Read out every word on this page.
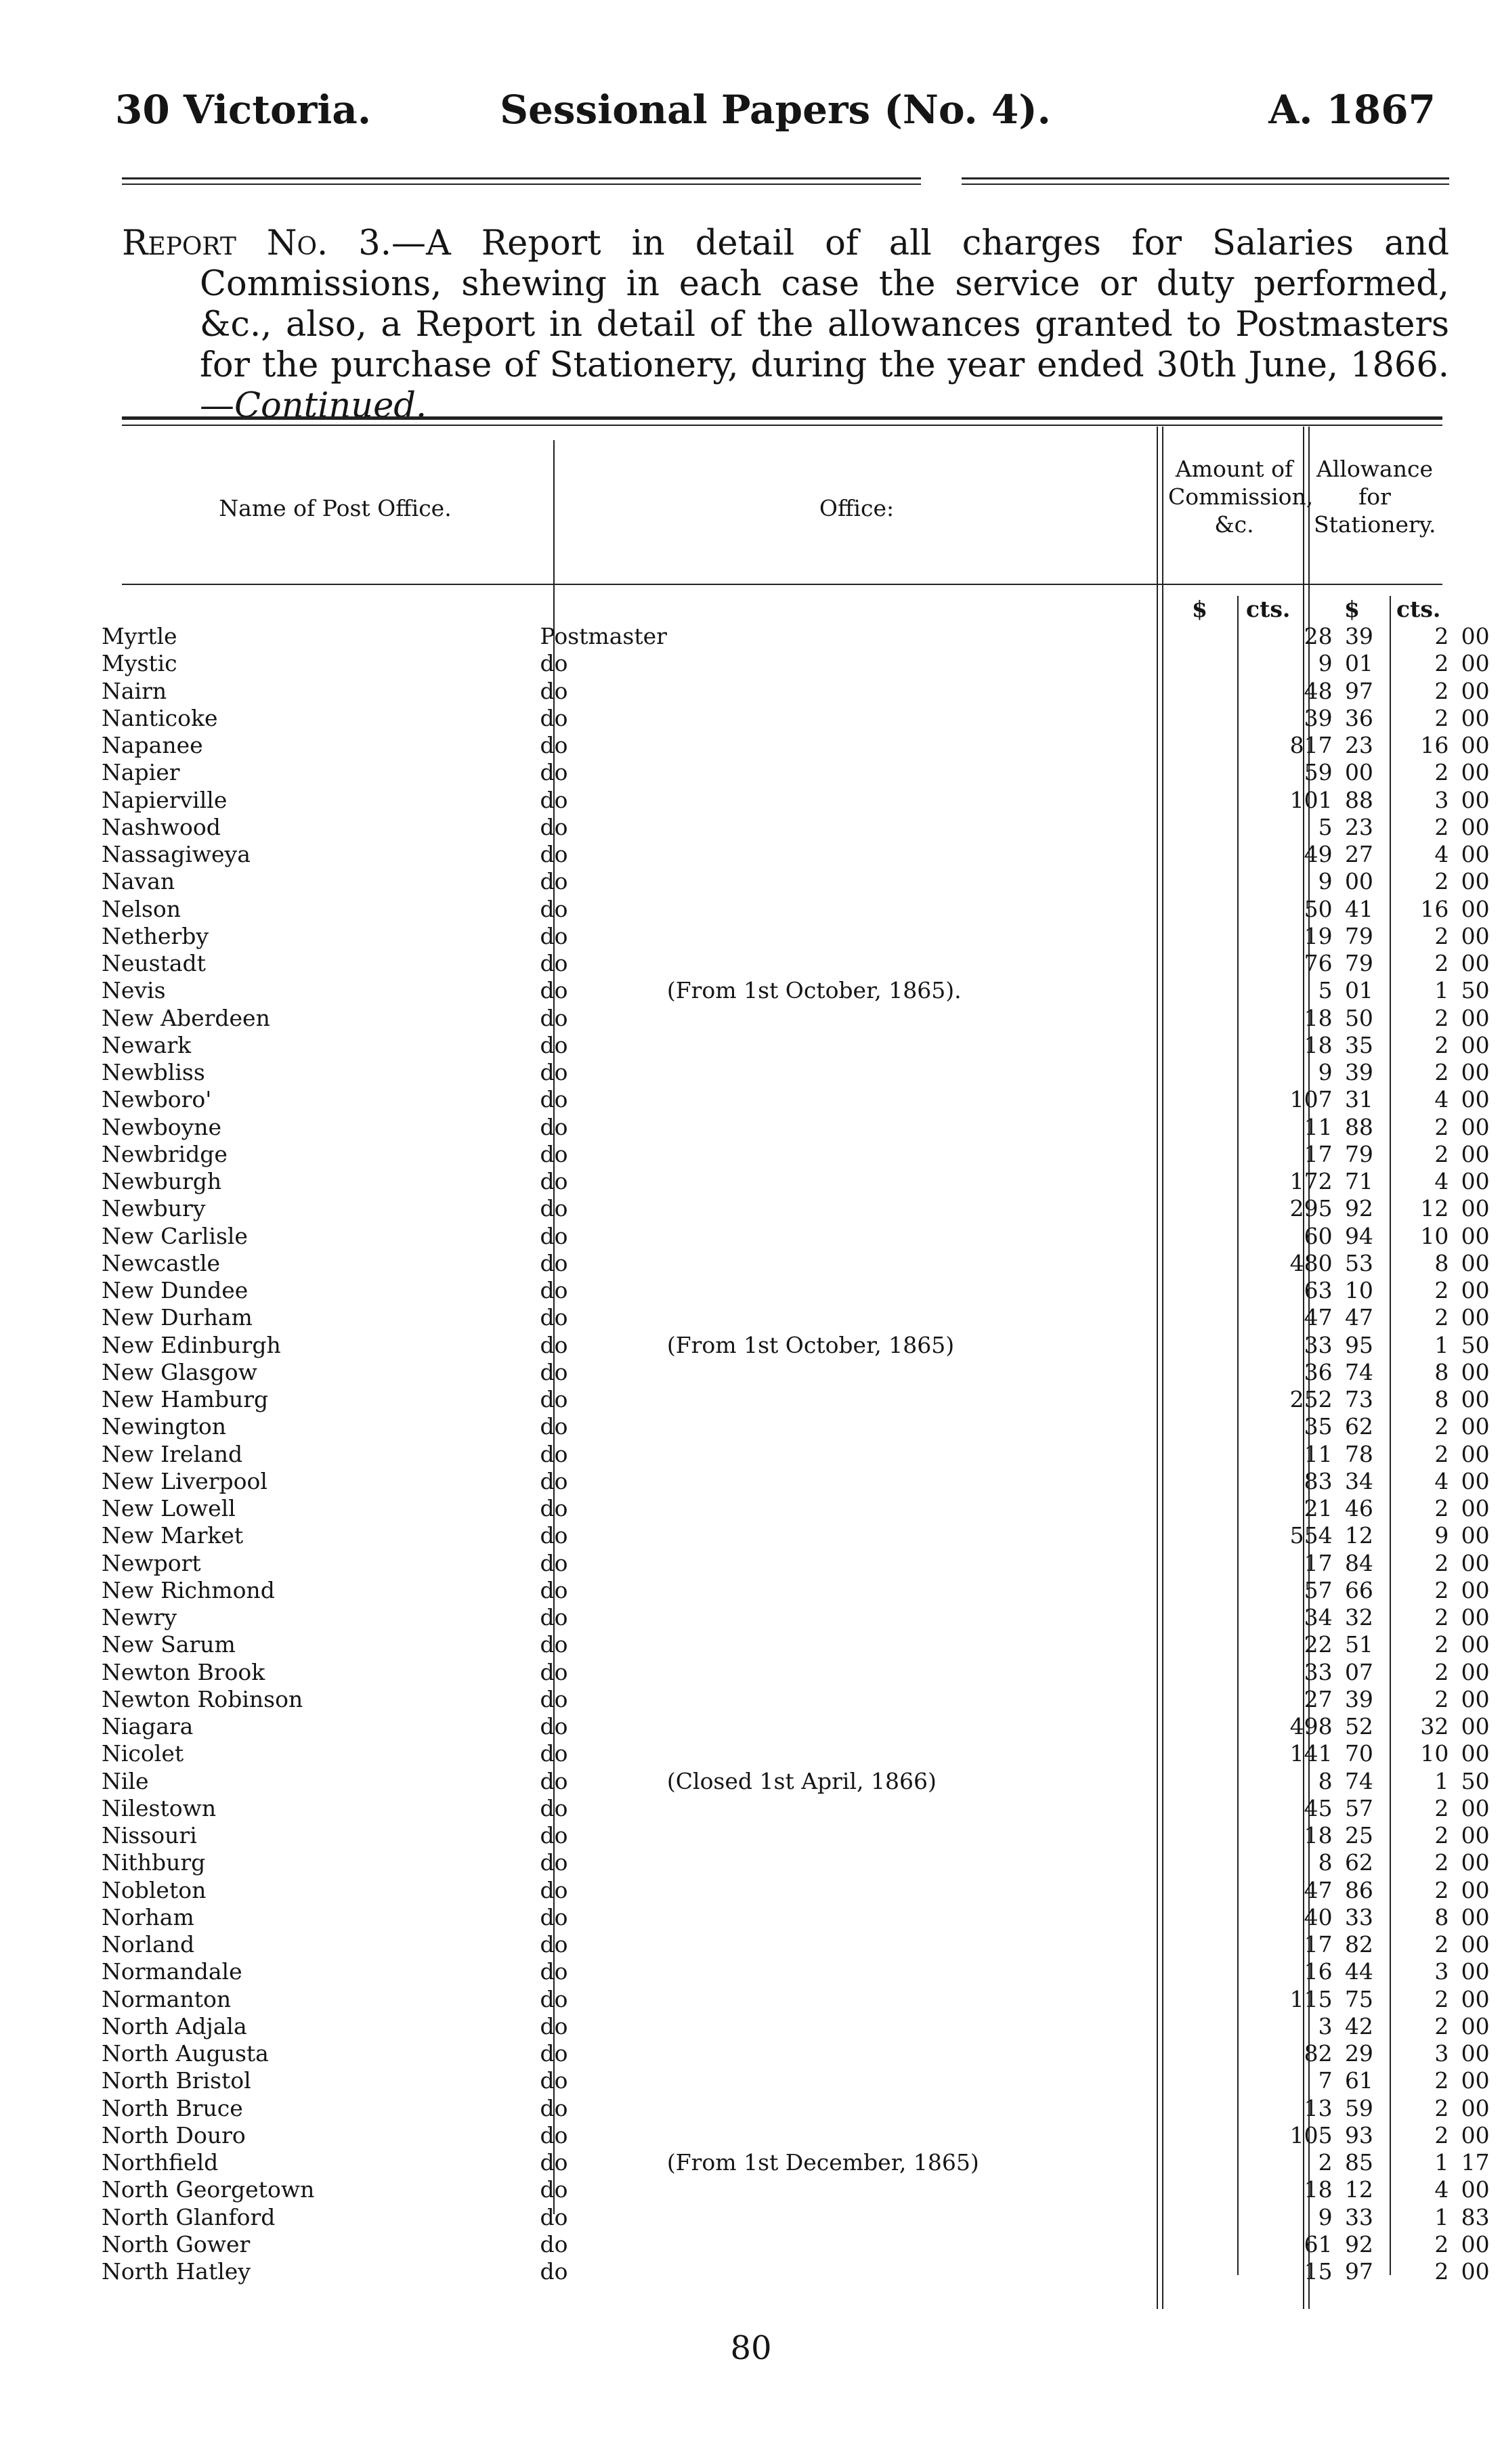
30 Victoria.	Sessional Papers (No. 4).	A. 1867

Report No. 3.—A Report in detail of all charges for Salaries and Commissions, shewing in each case the service or duty performed, &c., also, a Report in detail of the allowances granted to Postmasters for the purchase of Stationery, during the year ended 30th June, 1866.—Continued.

Name of Post Office.	Office:
Amount of Commission, &c.
Allowance for Stationery.
$ cts. $ cts.
Myrtle	Postmaster		28	39	2	00
Mystic	do		9	01	2	00
Nairn	do		48	97	2	00
Nanticoke	do		39	36	2	00
Napanee	do		817	23	16	00
Napier	do		59	00	2	00
Napierville	do		101	88	3	00
Nashwood	do		5	23	2	00
Nassagiweya	do		49	27	4	00
Navan	do		9	00	2	00
Nelson	do		50	41	16	00
Netherby	do		19	79	2	00
Neustadt	do		76	79	2	00
Nevis	do	(From 1st October, 1865).	5	01	1	50
New Aberdeen	do		18	50	2	00
Newark	do		18	35	2	00
Newbliss	do		9	39	2	00
Newboro'	do		107	31	4	00
Newboyne	do		11	88	2	00
Newbridge	do		17	79	2	00
Newburgh	do		172	71	4	00
Newbury	do		295	92	12	00
New Carlisle	do		60	94	10	00
Newcastle	do		480	53	8	00
New Dundee	do		63	10	2	00
New Durham	do		47	47	2	00
New Edinburgh	do	(From 1st October, 1865)	33	95	1	50
New Glasgow	do		36	74	8	00
New Hamburg	do		252	73	8	00
Newington	do		35	62	2	00
New Ireland	do		11	78	2	00
New Liverpool	do		83	34	4	00
New Lowell	do		21	46	2	00
New Market	do		554	12	9	00
Newport	do		17	84	2	00
New Richmond	do		57	66	2	00
Newry	do		34	32	2	00
New Sarum	do		22	51	2	00
Newton Brook	do		33	07	2	00
Newton Robinson	do		27	39	2	00
Niagara	do		498	52	32	00
Nicolet	do		141	70	10	00
Nile	do	(Closed 1st April, 1866)	8	74	1	50
Nilestown	do		45	57	2	00
Nissouri	do		18	25	2	00
Nithburg	do		8	62	2	00
Nobleton	do		47	86	2	00
Norham	do		40	33	8	00
Norland	do		17	82	2	00
Normandale	do		16	44	3	00
Normanton	do		115	75	2	00
North Adjala	do		3	42	2	00
North Augusta	do		82	29	3	00
North Bristol	do		7	61	2	00
North Bruce	do		13	59	2	00
North Douro	do		105	93	2	00
Northfield	do	(From 1st December, 1865)	2	85	1	17
North Georgetown	do		18	12	4	00
North Glanford	do		9	33	1	83
North Gower	do		61	92	2	00
North Hatley	do		15	97	2	00
80
